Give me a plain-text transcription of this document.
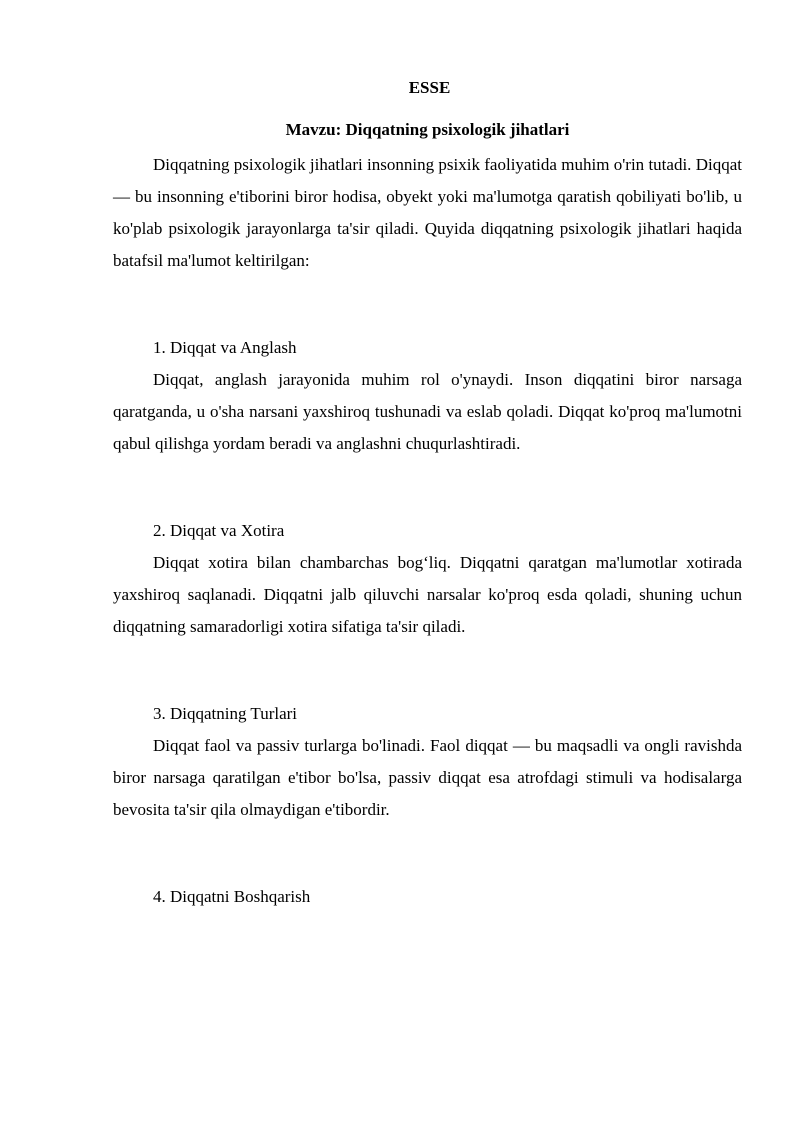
ESSE
Mavzu: Diqqatning psixologik jihatlari

Diqqatning psixologik jihatlari insonning psixik faoliyatida muhim o'rin tutadi. Diqqat — bu insonning e'tiborini biror hodisa, obyekt yoki ma'lumotga qaratish qobiliyati bo'lib, u ko'plab psixologik jarayonlarga ta'sir qiladi. Quyida diqqatning psixologik jihatlari haqida batafsil ma'lumot keltirilgan:

1. Diqqat va Anglash

Diqqat, anglash jarayonida muhim rol o'ynaydi. Inson diqqatini biror narsaga qaratganda, u o'sha narsani yaxshiroq tushunadi va eslab qoladi. Diqqat ko'proq ma'lumotni qabul qilishga yordam beradi va anglashni chuqurlashtiradi.

2. Diqqat va Xotira

Diqqat xotira bilan chambarchas bog‘liq. Diqqatni qaratgan ma'lumotlar xotirada yaxshiroq saqlanadi. Diqqatni jalb qiluvchi narsalar ko'proq esda qoladi, shuning uchun diqqatning samaradorligi xotira sifatiga ta'sir qiladi.

3. Diqqatning Turlari

Diqqat faol va passiv turlarga bo'linadi. Faol diqqat — bu maqsadli va ongli ravishda biror narsaga qaratilgan e'tibor bo'lsa, passiv diqqat esa atrofdagi stimuli va hodisalarga bevosita ta'sir qila olmaydigan e'tibordir.

4. Diqqatni Boshqarish
